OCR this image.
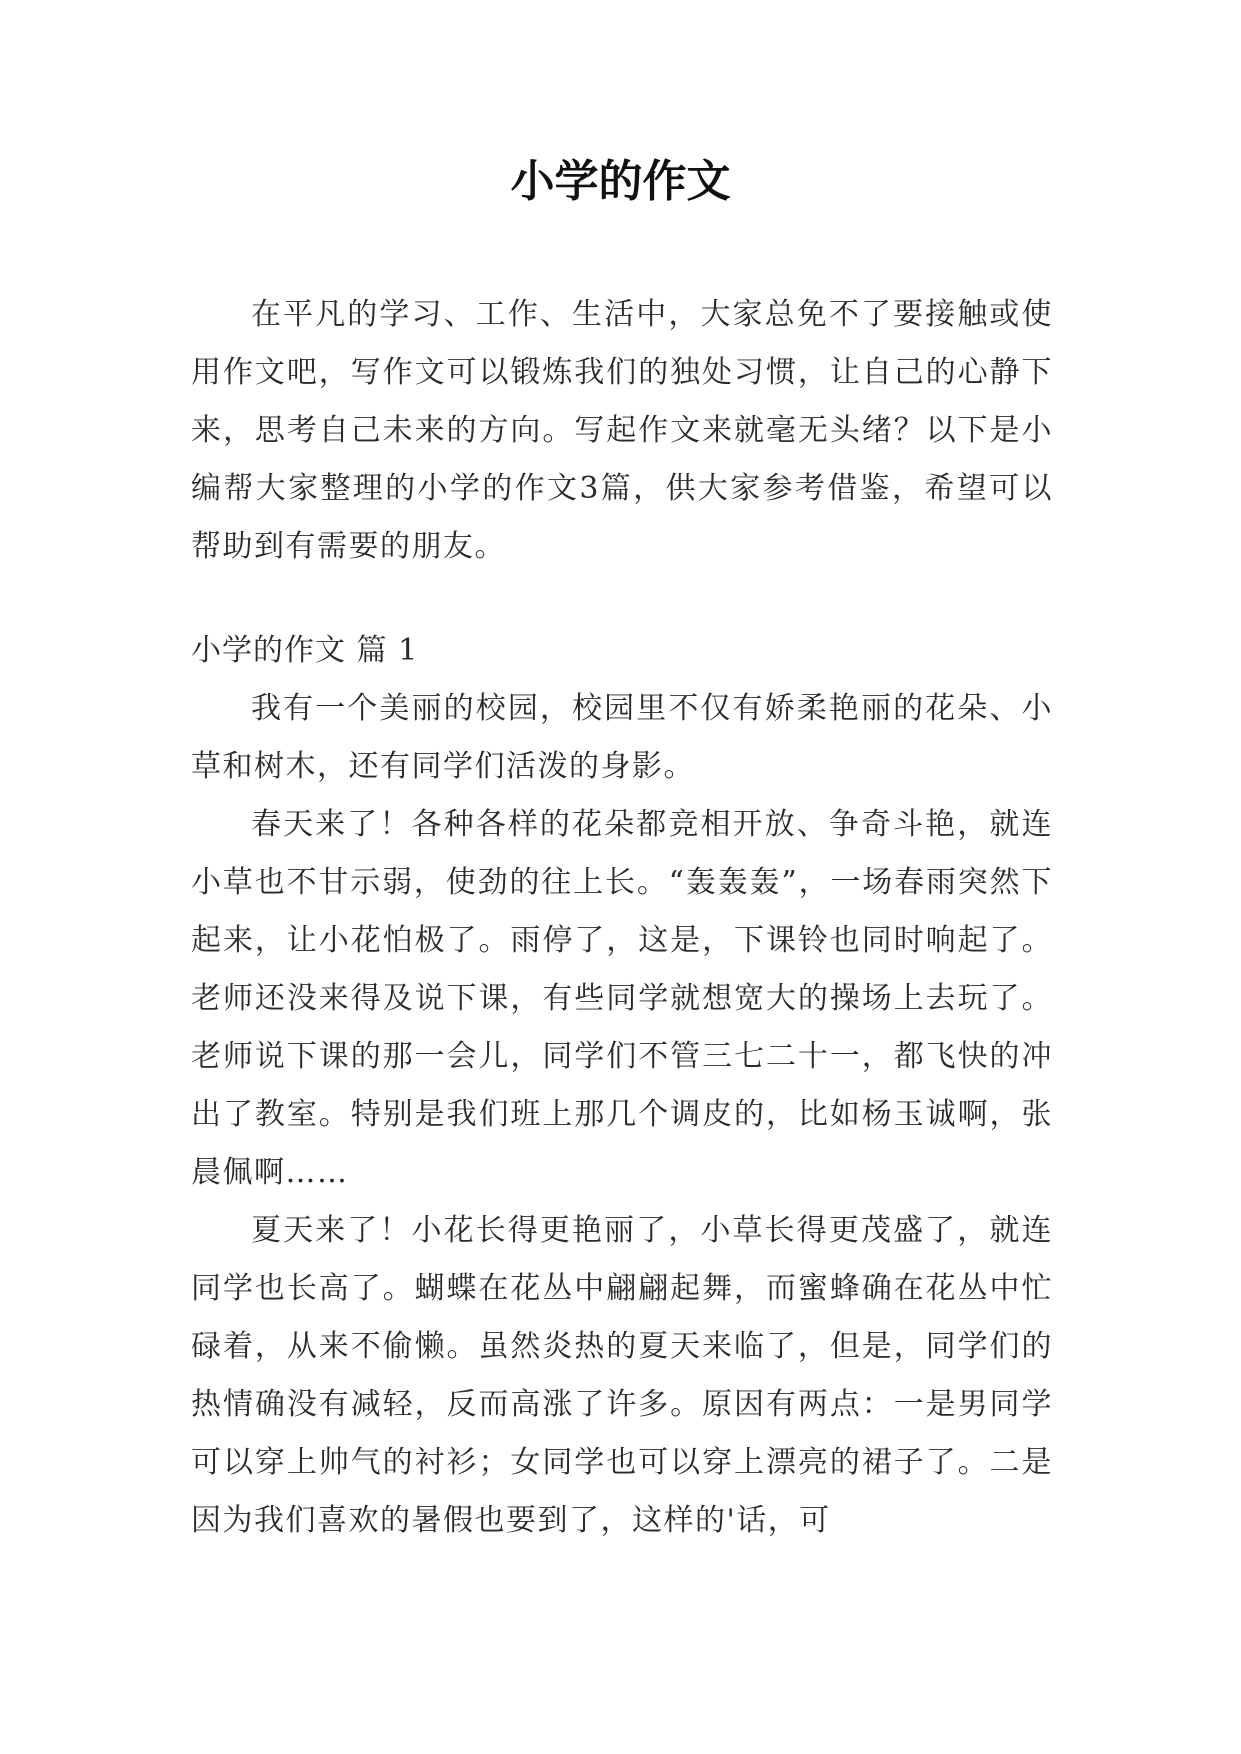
小学的作文

在平凡的学习、工作、生活中，大家总免不了要接触或使用作文吧，写作文可以锻炼我们的独处习惯，让自己的心静下来，思考自己未来的方向。写起作文来就毫无头绪？以下是小编帮大家整理的小学的作文3篇，供大家参考借鉴，希望可以帮助到有需要的朋友。

小学的作文 篇 1

我有一个美丽的校园，校园里不仅有娇柔艳丽的花朵、小草和树木，还有同学们活泼的身影。

春天来了！各种各样的花朵都竞相开放、争奇斗艳，就连小草也不甘示弱，使劲的往上长。“轰轰轰”，一场春雨突然下起来，让小花怕极了。雨停了，这是，下课铃也同时响起了。老师还没来得及说下课，有些同学就想宽大的操场上去玩了。老师说下课的那一会儿，同学们不管三七二十一，都飞快的冲出了教室。特别是我们班上那几个调皮的，比如杨玉诚啊，张晨佩啊……

夏天来了！小花长得更艳丽了，小草长得更茂盛了，就连同学也长高了。蝴蝶在花丛中翩翩起舞，而蜜蜂确在花丛中忙碌着，从来不偷懒。虽然炎热的夏天来临了，但是，同学们的热情确没有减轻，反而高涨了许多。原因有两点：一是男同学可以穿上帅气的衬衫；女同学也可以穿上漂亮的裙子了。二是因为我们喜欢的暑假也要到了，这样的'话，可
